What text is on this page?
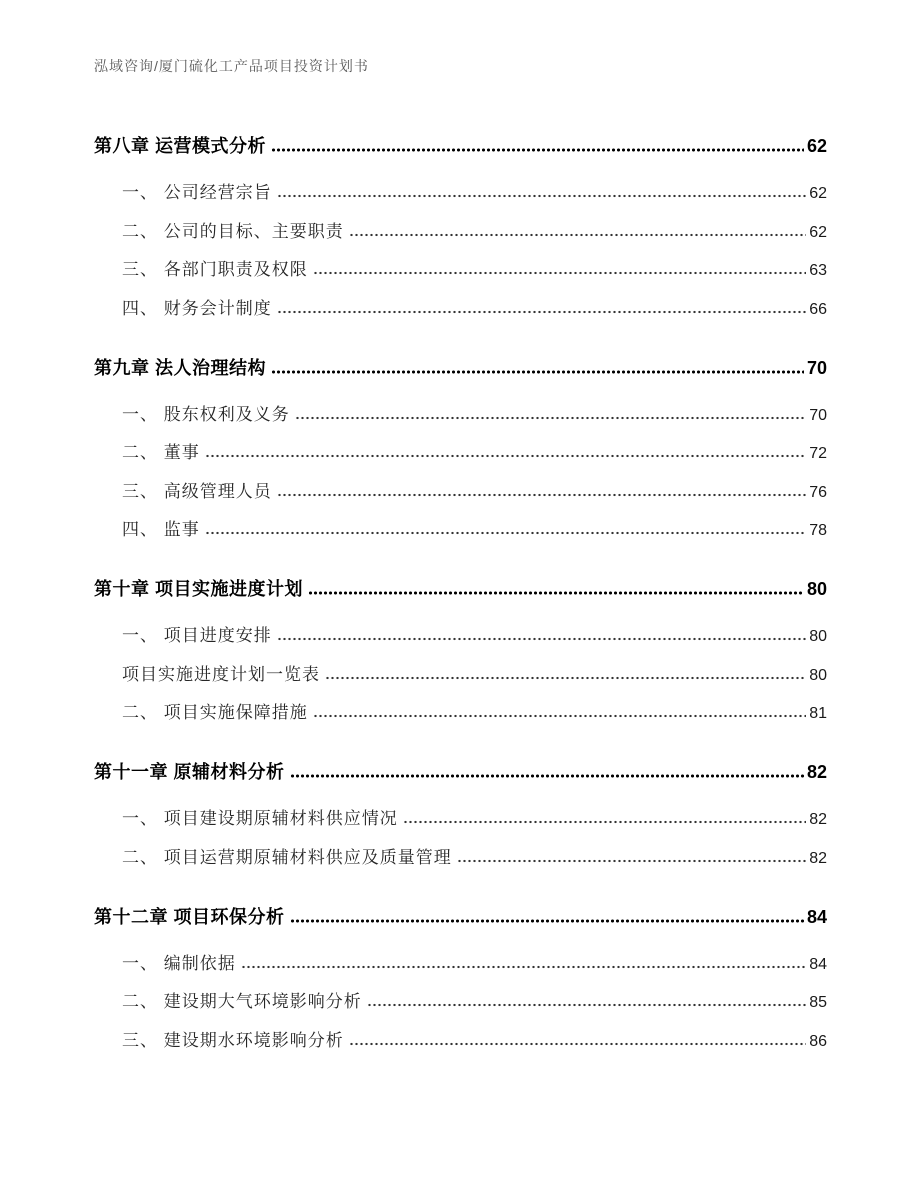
泓域咨询/厦门硫化工产品项目投资计划书
第八章 运营模式分析	62
一、 公司经营宗旨	62
二、 公司的目标、主要职责	62
三、 各部门职责及权限	63
四、 财务会计制度	66
第九章 法人治理结构	70
一、 股东权利及义务	70
二、 董事	72
三、 高级管理人员	76
四、 监事	78
第十章 项目实施进度计划	80
一、 项目进度安排	80
项目实施进度计划一览表	80
二、 项目实施保障措施	81
第十一章 原辅材料分析	82
一、 项目建设期原辅材料供应情况	82
二、 项目运营期原辅材料供应及质量管理	82
第十二章 项目环保分析	84
一、 编制依据	84
二、 建设期大气环境影响分析	85
三、 建设期水环境影响分析	86
